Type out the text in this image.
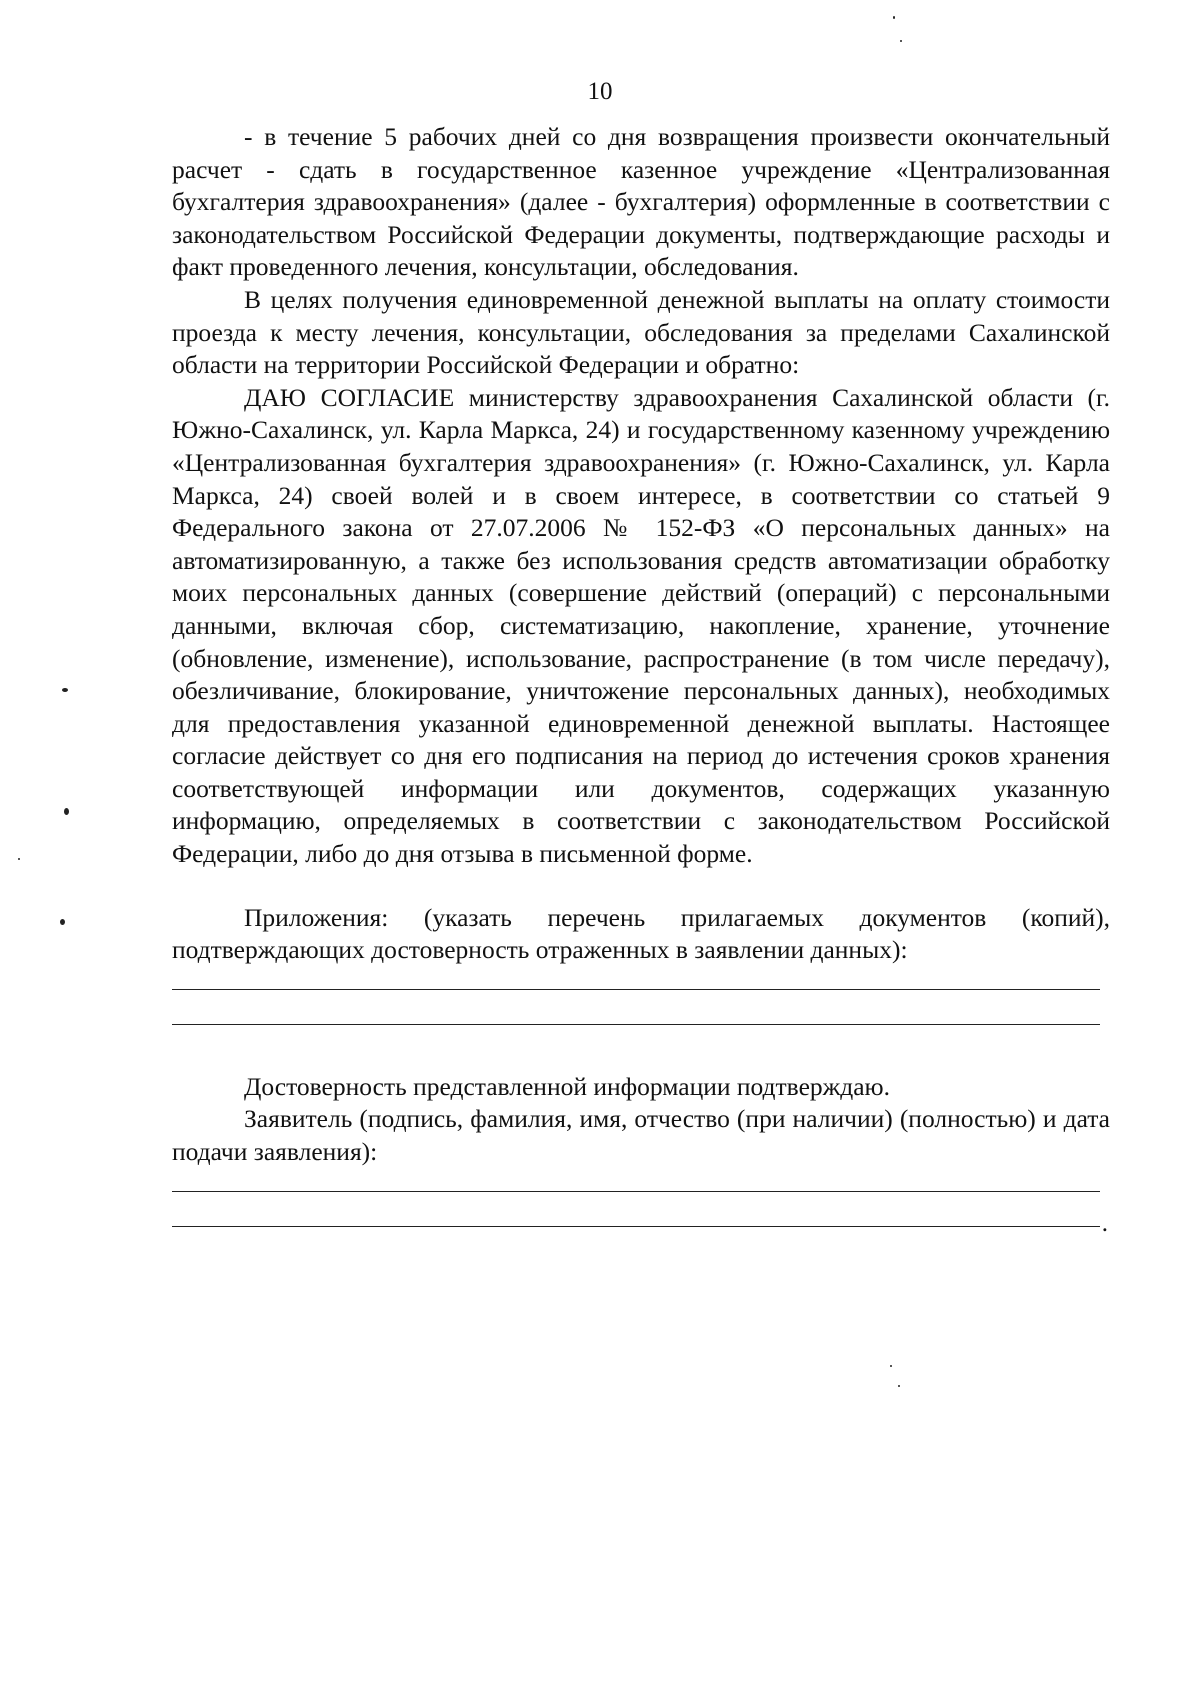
10

- в течение 5 рабочих дней со дня возвращения произвести окончательный расчет - сдать в государственное казенное учреждение «Централизованная бухгалтерия здравоохранения» (далее - бухгалтерия) оформленные в соответствии с законодательством Российской Федерации документы, подтверждающие расходы и факт проведенного лечения, консультации, обследования.

В целях получения единовременной денежной выплаты на оплату стоимости проезда к месту лечения, консультации, обследования за пределами Сахалинской области на территории Российской Федерации и обратно:

ДАЮ СОГЛАСИЕ министерству здравоохранения Сахалинской области (г. Южно-Сахалинск, ул. Карла Маркса, 24) и государственному казенному учреждению «Централизованная бухгалтерия здравоохранения» (г. Южно-Сахалинск, ул. Карла Маркса, 24) своей волей и в своем интересе, в соответствии со статьей 9 Федерального закона от 27.07.2006 № 152-ФЗ «О персональных данных» на автоматизированную, а также без использования средств автоматизации обработку моих персональных данных (совершение действий (операций) с персональными данными, включая сбор, систематизацию, накопление, хранение, уточнение (обновление, изменение), использование, распространение (в том числе передачу), обезличивание, блокирование, уничтожение персональных данных), необходимых для предоставления указанной единовременной денежной выплаты. Настоящее согласие действует со дня его подписания на период до истечения сроков хранения соответствующей информации или документов, содержащих указанную информацию, определяемых в соответствии с законодательством Российской Федерации, либо до дня отзыва в письменной форме.

Приложения: (указать перечень прилагаемых документов (копий), подтверждающих достоверность отраженных в заявлении данных):

Достоверность представленной информации подтверждаю.

Заявитель (подпись, фамилия, имя, отчество (при наличии) (полностью) и дата подачи заявления):

.
